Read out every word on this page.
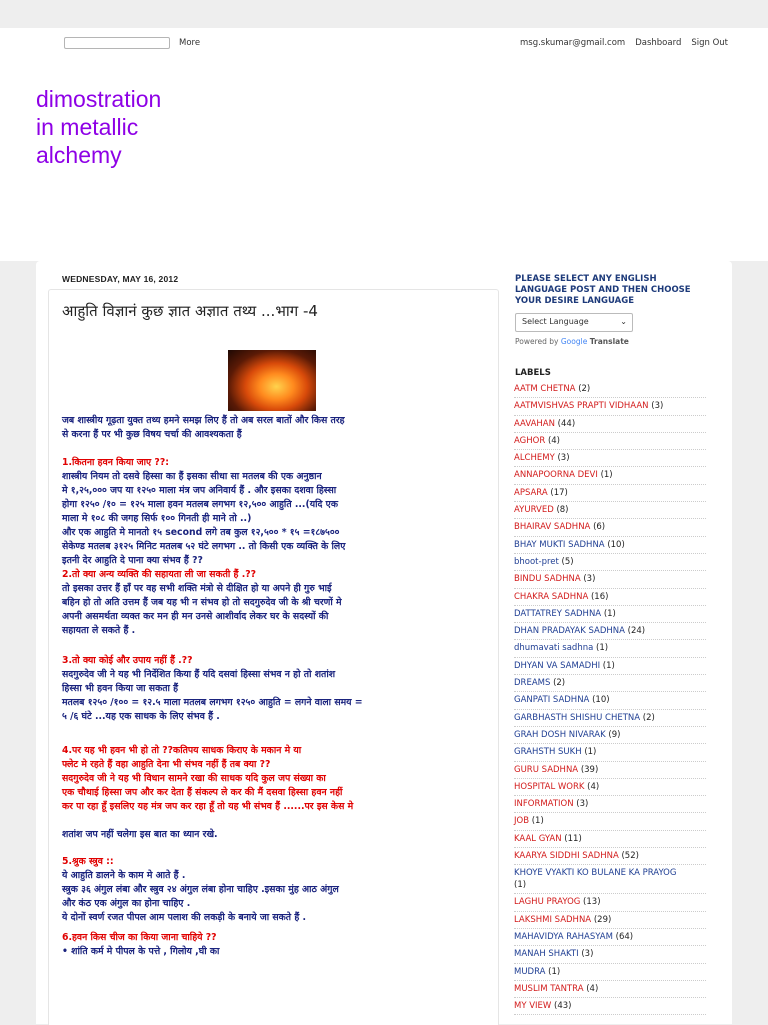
More	msg.skumar@gmail.com Dashboard Sign Out
dimostration
in metallic
alchemy
WEDNESDAY, MAY 16, 2012
आहुति विज्ञानं कुछ ज्ञात अज्ञात तथ्य ...भाग -4

जब शास्त्रीय गूढ़ता युक्त तथ्य हमने समझ लिए हैं तो अब सरल बातों और किस तरह

से करना हैं पर भी कुछ विषय चर्चा की आवश्यकता हैं

1.कितना हवन किया जाए ??:

शास्त्रीय नियम तो दसवे हिस्सा का हैं इसका सीधा सा मतलब की एक अनुष्ठान

मे १,२५,००० जप या १२५० माला मंत्र जप अनिवार्य हैं . और इसका दशवा हिस्सा

होगा १२५० /१० = १२५ माला हवन मतलब लगभग १२,५०० आहुति ...(यदि एक

माला मे १०८ की जगह सिर्फ १०० गिनती ही माने तो ..)

और एक आहुति मे मानतो १५ second लगे तब कुल १२,५०० * १५ =१८७५००

सेकेण्ड मतलब ३१२५ मिनिट मतलब ५२ घंटे लगभग .. तो किसी एक व्यक्ति के लिए

इतनी देर आहुति दे पाना क्या संभव हैं ??

2.तो क्या अन्य व्यक्ति की सहायता ली जा सकती हैं .??

तो इसका उत्तर हैं हाँ पर वह सभी शक्ति मंत्रो से दीक्षित हो या अपने ही गुरु भाई

बहिन हो तो अति उत्तम हैं जब यह भी न संभव हो तो सदगुरुदेव जी के श्री चरणों मे

अपनी असमर्थता व्यक्त कर मन ही मन उनसे आशीर्वाद लेकर घर के सदस्यों की

सहायता ले सकते हैं .

3.तो क्या कोई और उपाय नहीं हैं .??

सदगुरुदेव जी ने यह भी निर्देशित किया हैं यदि दसवां हिस्सा संभव न हो तो शतांश

हिस्सा भी हवन किया जा सकता हैं

मतलब १२५० /१०० = १२.५ माला मतलब लगभग १२५० आहुति = लगने वाला समय =

५ /६ घंटे ...यह एक साधक के लिए संभव हैं .

4.पर यह भी हवन भी हो तो ??कतिपय साधक किराए के मकान मे या

फ्लेट मे रहते हैं वहा आहुति देना भी संभव नहीं हैं तब क्या ??

सदगुरुदेव जी ने यह भी विधान सामने रखा की साधक यदि कुल जप संख्या का

एक चौथाई हिस्सा जप और कर देता हैं संकल्प ले कर की मैं दसवा हिस्सा हवन नहीं

कर पा रहा हूँ इसलिए यह मंत्र जप कर रहा हूँ तो यह भी संभव हैं ......पर इस केस मे

शतांश जप नहीं चलेगा इस बात का ध्यान रखे.

5.श्रुक स्त्रुव ::

ये आहुति डालने के काम मे आते हैं .

स्त्रुक ३६ अंगुल लंबा और स्त्रुव २४ अंगुल लंबा होना चाहिए .इसका मुंह आठ अंगुल

और कंठ एक अंगुल का होना चाहिए .

ये दोनों स्वर्ण रजत पीपल आम पलाश की लकड़ी के बनाये जा सकते हैं .

6.हवन किस चीज का किया जाना चाहिये ??

• शांति कर्म मे पीपल के पत्ते , गिलोय ,घी का

PLEASE SELECT ANY ENGLISH LANGUAGE POST AND THEN CHOOSE YOUR DESIRE LANGUAGE
Select Language	⌄
Powered by Google Translate
LABELS
AATM CHETNA (2)
AATMVISHVAS PRAPTI VIDHAAN (3)
AAVAHAN (44)
AGHOR (4)
ALCHEMY (3)
ANNAPOORNA DEVI (1)
APSARA (17)
AYURVED (8)
BHAIRAV SADHNA (6)
BHAY MUKTI SADHNA (10)
bhoot-pret (5)
BINDU SADHNA (3)
CHAKRA SADHNA (16)
DATTATREY SADHNA (1)
DHAN PRADAYAK SADHNA (24)
dhumavati sadhna (1)
DHYAN VA SAMADHI (1)
DREAMS (2)
GANPATI SADHNA (10)
GARBHASTH SHISHU CHETNA (2)
GRAH DOSH NIVARAK (9)
GRAHSTH SUKH (1)
GURU SADHNA (39)
HOSPITAL WORK (4)
INFORMATION (3)
JOB (1)
KAAL GYAN (11)
KAARYA SIDDHI SADHNA (52)
KHOYE VYAKTI KO BULANE KA PRAYOG
(1)
LAGHU PRAYOG (13)
LAKSHMI SADHNA (29)
MAHAVIDYA RAHASYAM (64)
MANAH SHAKTI (3)
MUDRA (1)
MUSLIM TANTRA (4)
MY VIEW (43)
